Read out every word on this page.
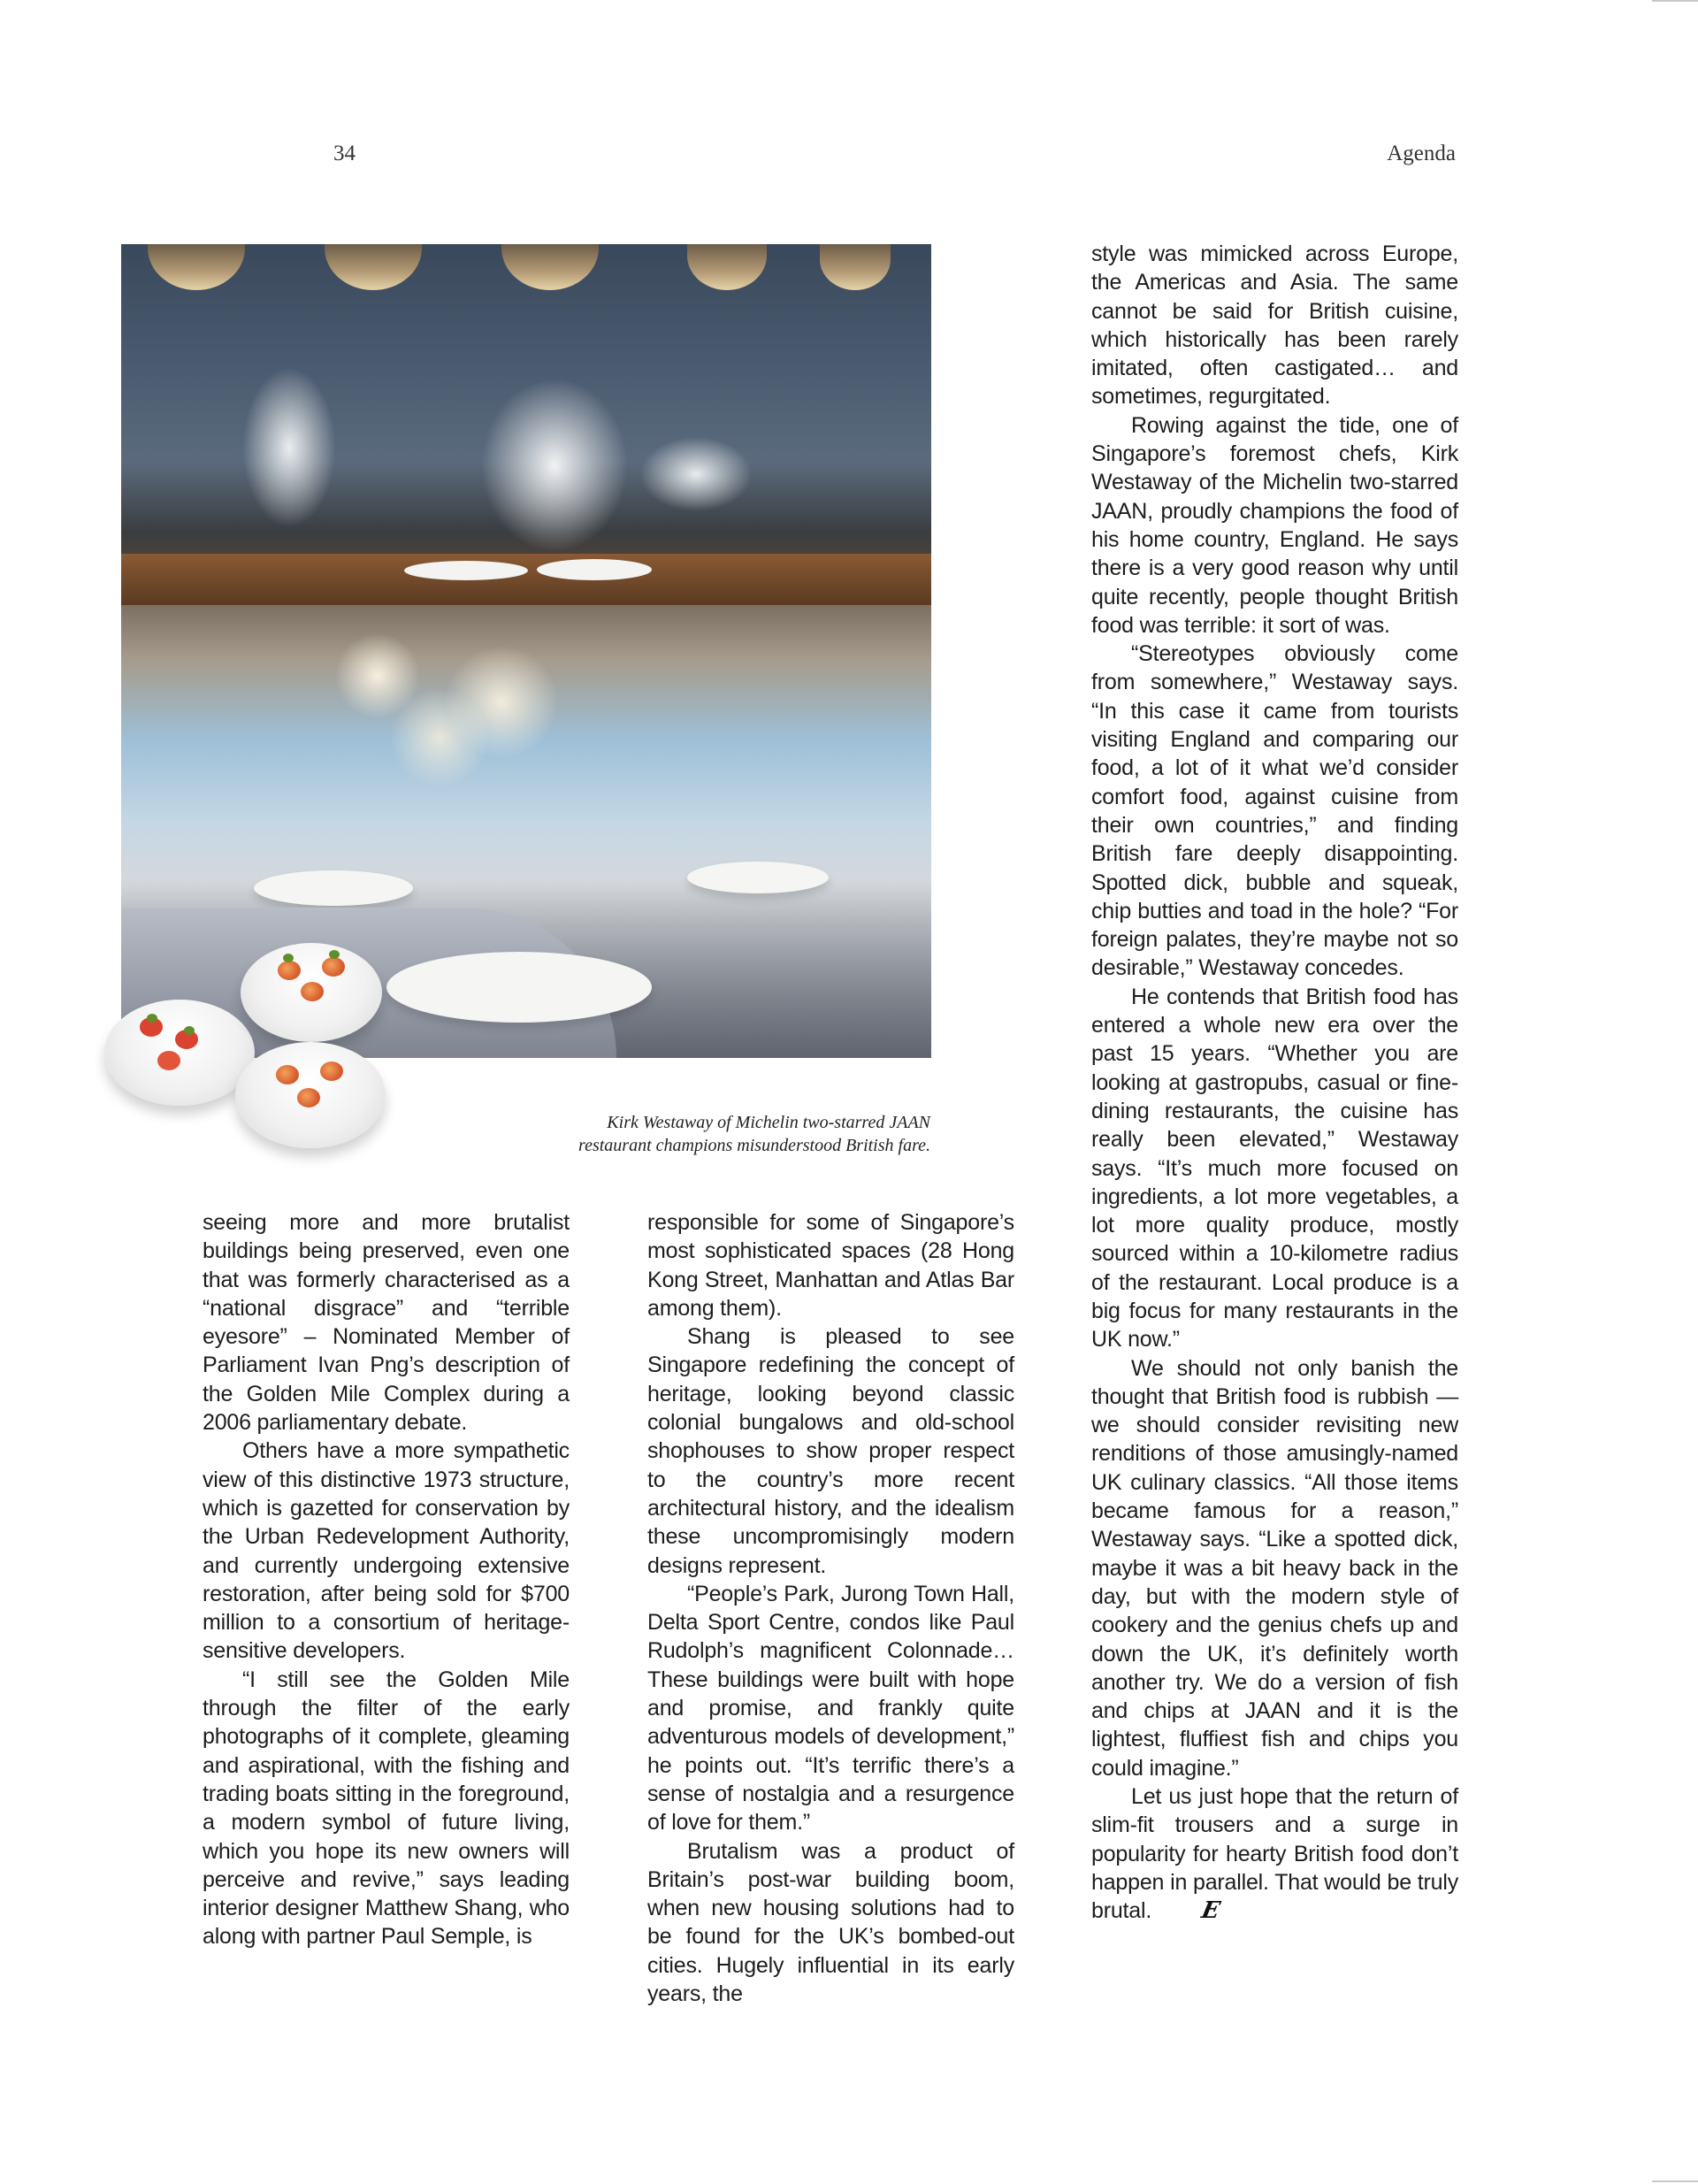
34	Agenda
Kirk Westaway of Michelin two-starred JAAN
restaurant champions misunderstood British fare.

seeing more and more brutalist buildings being preserved, even one that was formerly characterised as a “national disgrace” and “terrible eyesore” – Nominated Member of Parliament Ivan Png’s description of the Golden Mile Complex during a 2006 parliamentary debate.

Others have a more sympathetic view of this distinctive 1973 structure, which is gazetted for conservation by the Urban Redevelopment Authority, and currently undergoing extensive restoration, after being sold for $700 million to a consortium of heritage-sensitive developers.

“I still see the Golden Mile through the filter of the early photographs of it complete, gleaming and aspirational, with the fishing and trading boats sitting in the foreground, a modern symbol of future living, which you hope its new owners will perceive and revive,” says leading interior designer Matthew Shang, who along with partner Paul Semple, is

responsible for some of Singapore’s most sophisticated spaces (28 Hong Kong Street, Manhattan and Atlas Bar among them).

Shang is pleased to see Singapore redefining the concept of heritage, looking beyond classic colonial bungalows and old-school shophouses to show proper respect to the country’s more recent architectural history, and the idealism these uncompromisingly modern designs represent.

“People’s Park, Jurong Town Hall, Delta Sport Centre, condos like Paul Rudolph’s magnificent Colonnade… These buildings were built with hope and promise, and frankly quite adventurous models of development,” he points out. “It’s terrific there’s a sense of nostalgia and a resurgence of love for them.”

Brutalism was a product of Britain’s post-war building boom, when new housing solutions had to be found for the UK’s bombed-out cities. Hugely influential in its early years, the

style was mimicked across Europe, the Americas and Asia. The same cannot be said for British cuisine, which historically has been rarely imitated, often castigated… and sometimes, regurgitated.

Rowing against the tide, one of Singapore’s foremost chefs, Kirk Westaway of the Michelin two-starred JAAN, proudly champions the food of his home country, England. He says there is a very good reason why until quite recently, people thought British food was terrible: it sort of was.

“Stereotypes obviously come from somewhere,” Westaway says. “In this case it came from tourists visiting England and comparing our food, a lot of it what we’d consider comfort food, against cuisine from their own countries,” and finding British fare deeply disappointing. Spotted dick, bubble and squeak, chip butties and toad in the hole? “For foreign palates, they’re maybe not so desirable,” Westaway concedes.

He contends that British food has entered a whole new era over the past 15 years. “Whether you are looking at gastropubs, casual or fine-dining restaurants, the cuisine has really been elevated,” Westaway says. “It’s much more focused on ingredients, a lot more vegetables, a lot more quality produce, mostly sourced within a 10-kilometre radius of the restaurant. Local produce is a big focus for many restaurants in the UK now.”

We should not only banish the thought that British food is rubbish — we should consider revisiting new renditions of those amusingly-named UK culinary classics. “All those items became famous for a reason,” Westaway says. “Like a spotted dick, maybe it was a bit heavy back in the day, but with the modern style of cookery and the genius chefs up and down the UK, it’s definitely worth another try. We do a version of fish and chips at JAAN and it is the lightest, fluffiest fish and chips you could imagine.”

Let us just hope that the return of slim-fit trousers and a surge in popularity for hearty British food don’t happen in parallel. That would be truly brutal. E
